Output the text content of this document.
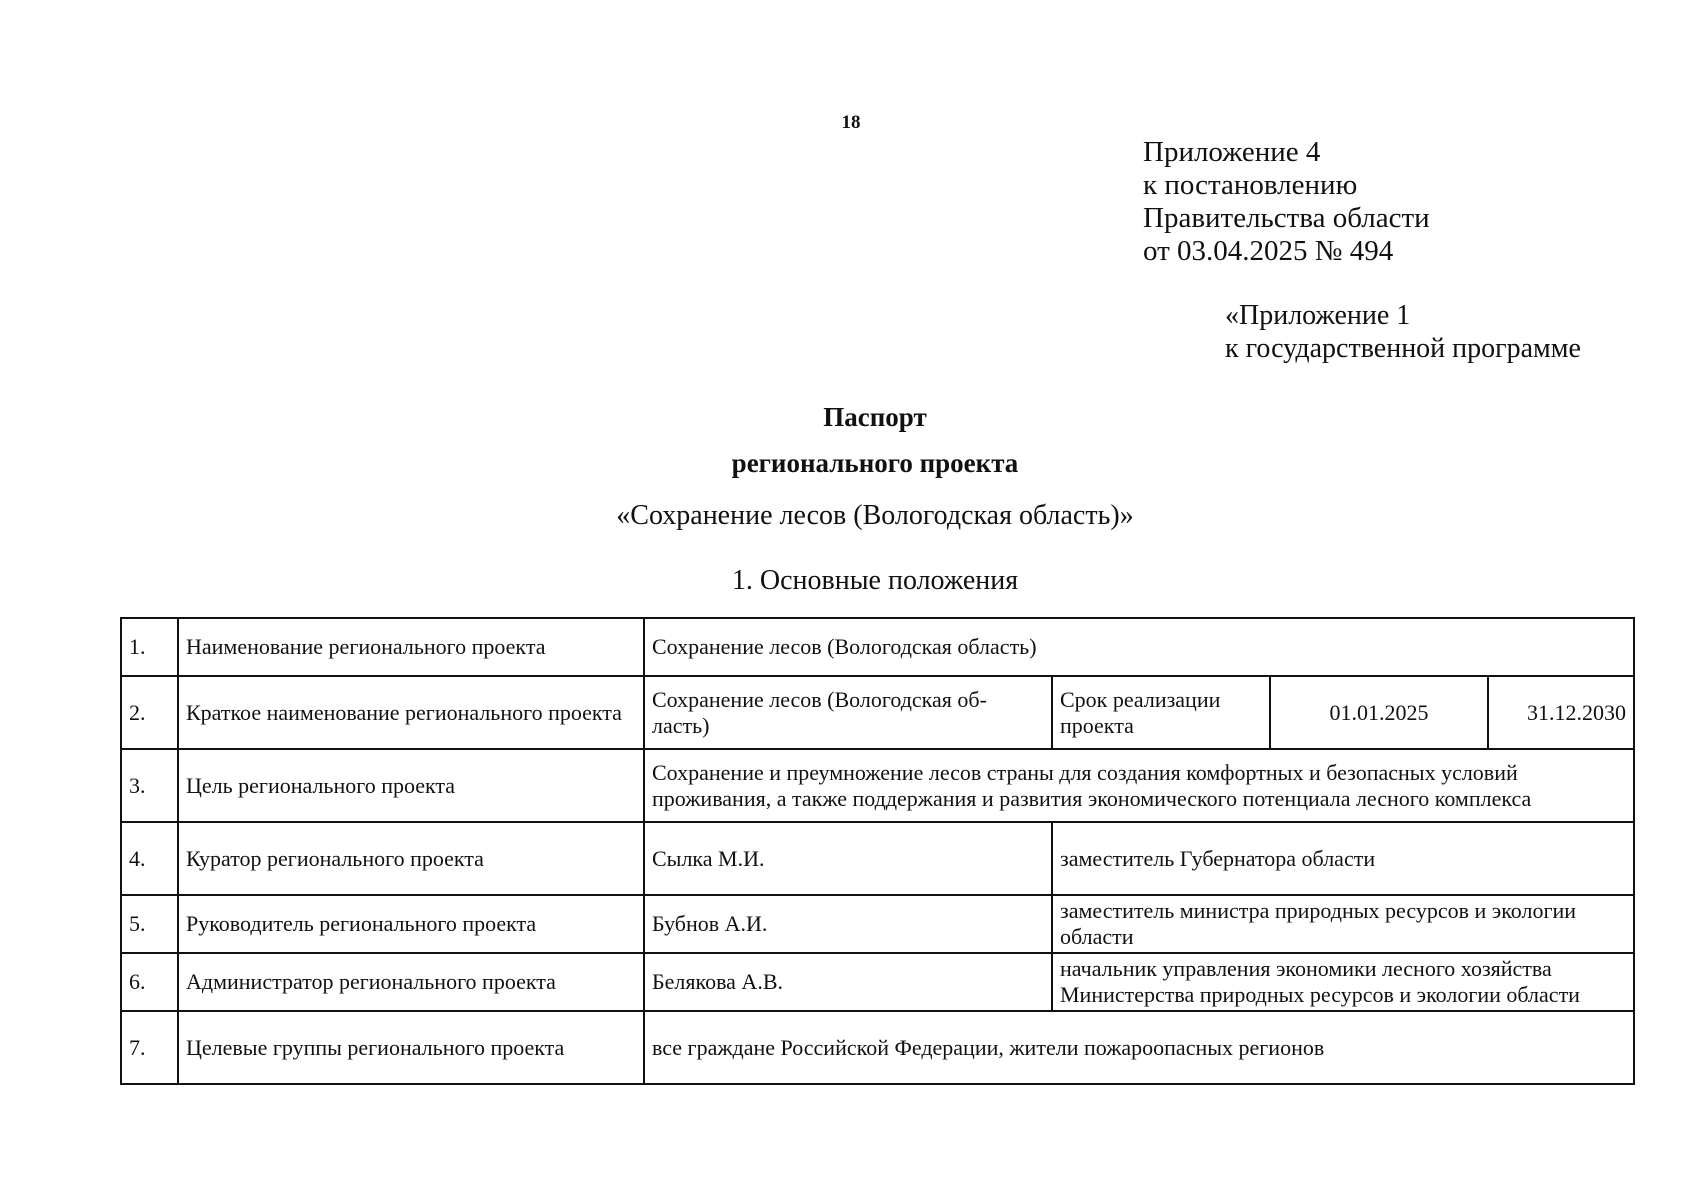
18
Приложение 4
к постановлению
Правительства области
от 03.04.2025 № 494
«Приложение 1
к государственной программе
Паспорт
регионального проекта
«Сохранение лесов (Вологодская область)»
1. Основные положения
1.	Наименование регионального проекта	Сохранение лесов (Вологодская область)			
2.	Краткое наименование регионального проекта	Сохранение лесов (Вологодская об-ласть)	Срок реализации проекта	01.01.2025	31.12.2030
3.	Цель регионального проекта	Сохранение и преумножение лесов страны для создания комфортных и безопасных условий проживания, а также поддержания и развития экономического потенциала лесного комплекса			
4.	Куратор регионального проекта	Сылка М.И.	заместитель Губернатора области		
5.	Руководитель регионального проекта	Бубнов А.И.	заместитель министра природных ресурсов и экологии области		
6.	Администратор регионального проекта	Белякова А.В.	начальник управления экономики лесного хозяйства Министерства природных ресурсов и экологии области		
7.	Целевые группы регионального проекта	все граждане Российской Федерации, жители пожароопасных регионов			
